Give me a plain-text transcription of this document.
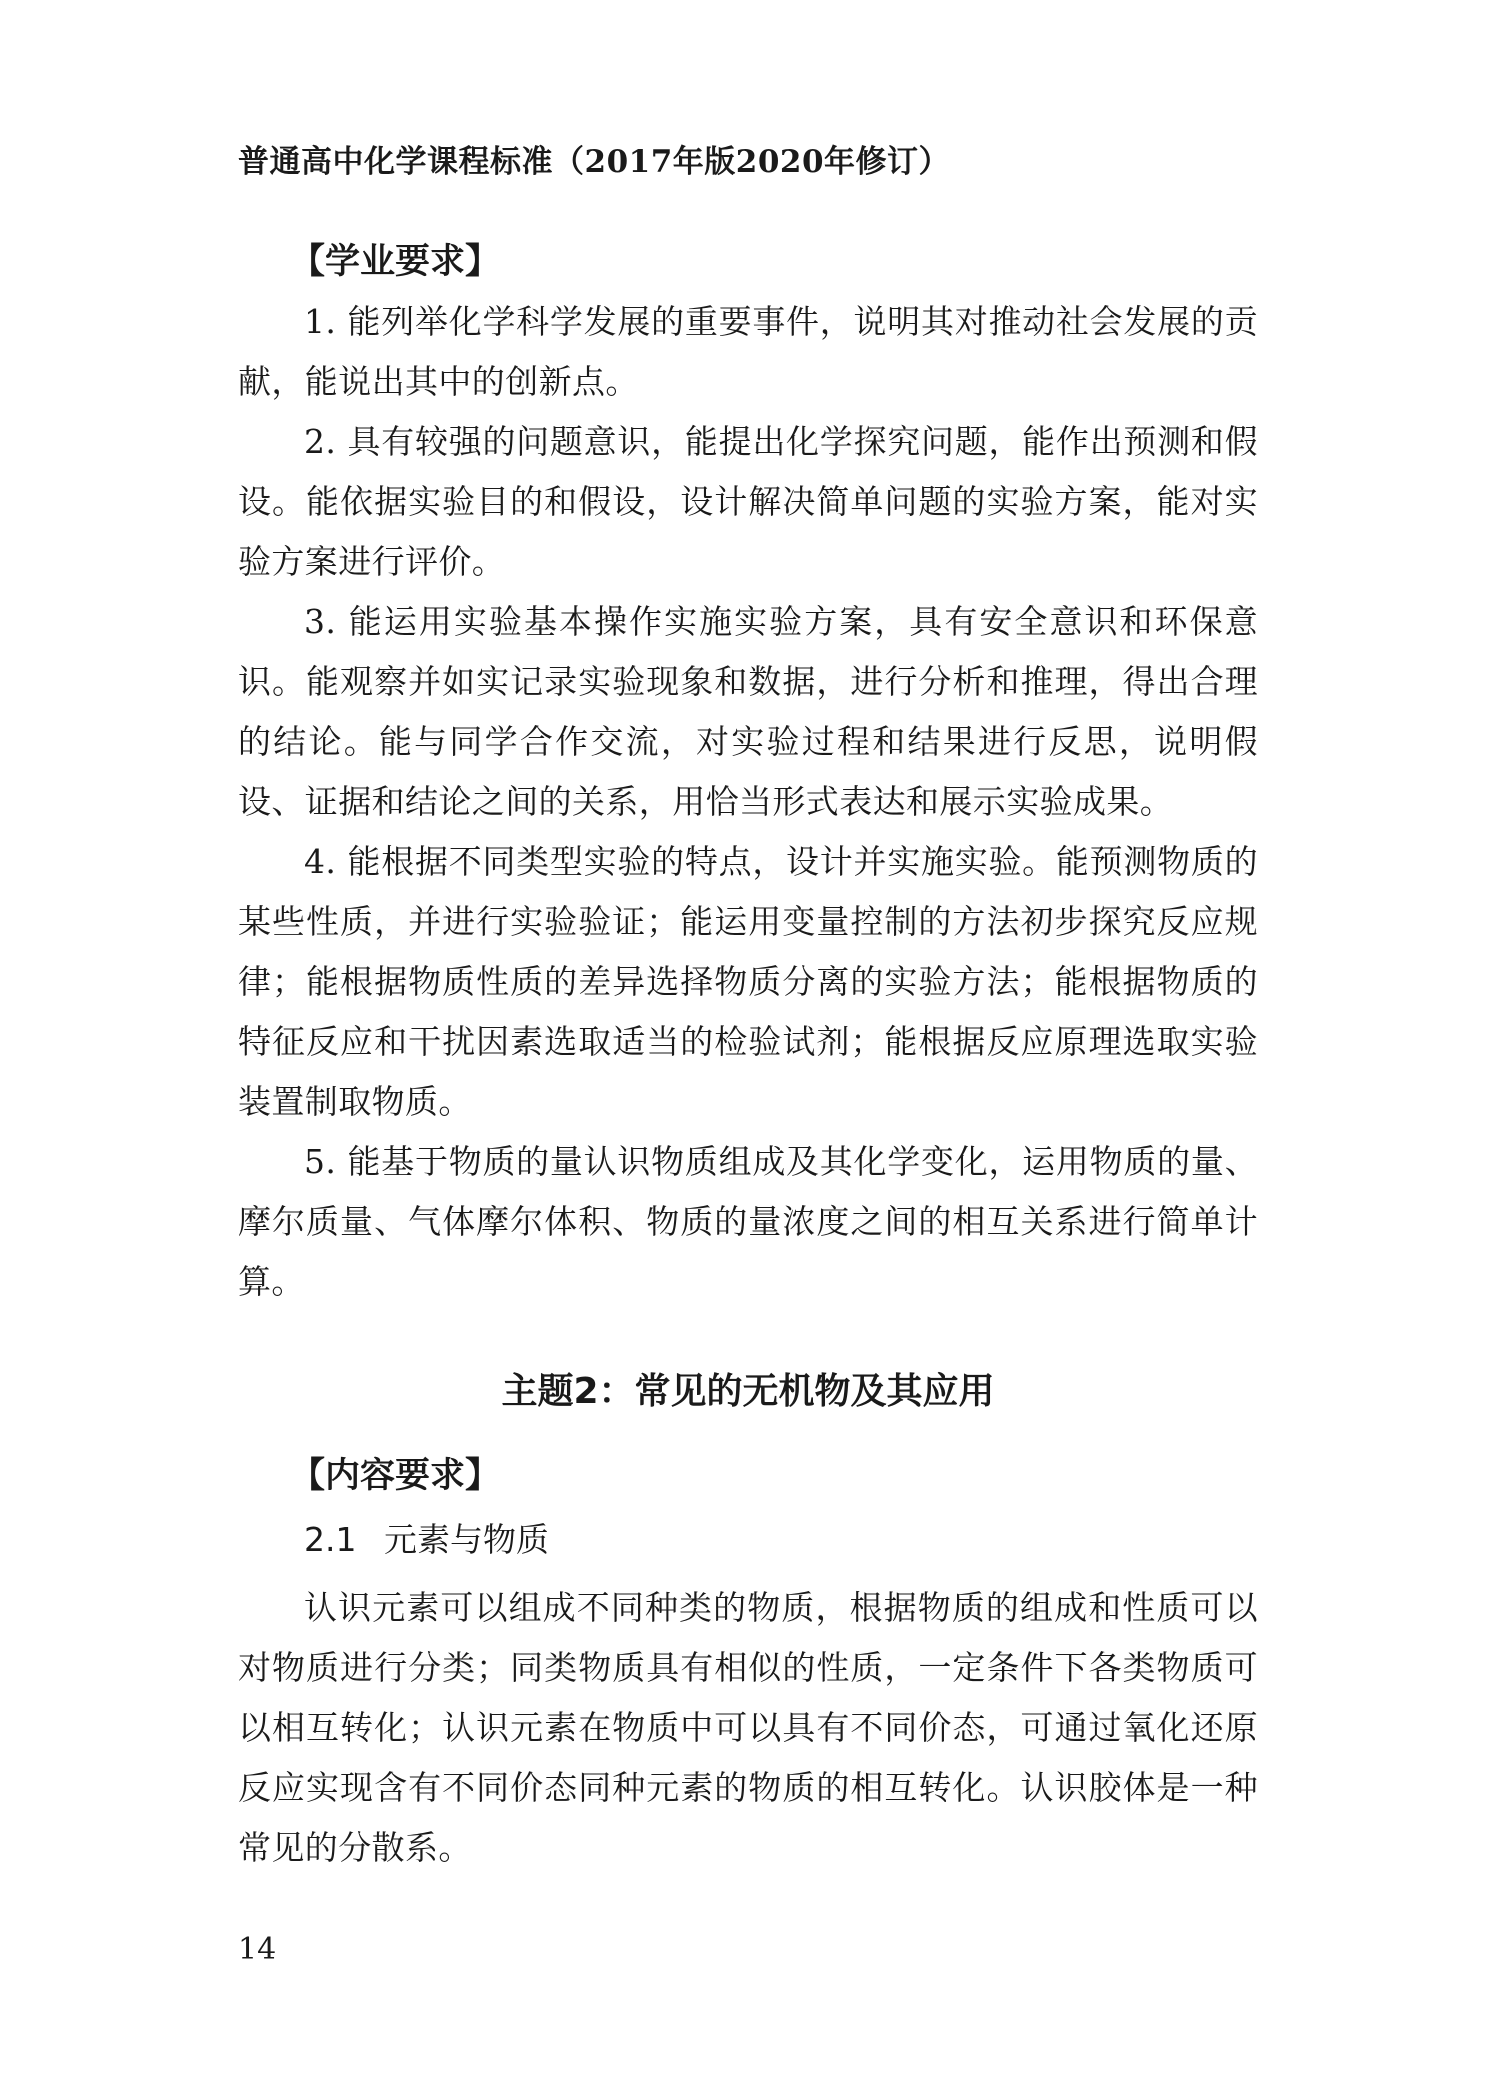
普通高中化学课程标准（2017年版2020年修订）

【学业要求】

1. 能列举化学科学发展的重要事件，说明其对推动社会发展的贡献，能说出其中的创新点。

2. 具有较强的问题意识，能提出化学探究问题，能作出预测和假设。能依据实验目的和假设，设计解决简单问题的实验方案，能对实验方案进行评价。

3. 能运用实验基本操作实施实验方案，具有安全意识和环保意识。能观察并如实记录实验现象和数据，进行分析和推理，得出合理的结论。能与同学合作交流，对实验过程和结果进行反思，说明假设、证据和结论之间的关系，用恰当形式表达和展示实验成果。

4. 能根据不同类型实验的特点，设计并实施实验。能预测物质的某些性质，并进行实验验证；能运用变量控制的方法初步探究反应规律；能根据物质性质的差异选择物质分离的实验方法；能根据物质的特征反应和干扰因素选取适当的检验试剂；能根据反应原理选取实验装置制取物质。

5. 能基于物质的量认识物质组成及其化学变化，运用物质的量、摩尔质量、气体摩尔体积、物质的量浓度之间的相互关系进行简单计算。

主题2：常见的无机物及其应用

【内容要求】

2.1 元素与物质

认识元素可以组成不同种类的物质，根据物质的组成和性质可以对物质进行分类；同类物质具有相似的性质，一定条件下各类物质可以相互转化；认识元素在物质中可以具有不同价态，可通过氧化还原反应实现含有不同价态同种元素的物质的相互转化。认识胶体是一种常见的分散系。

14
